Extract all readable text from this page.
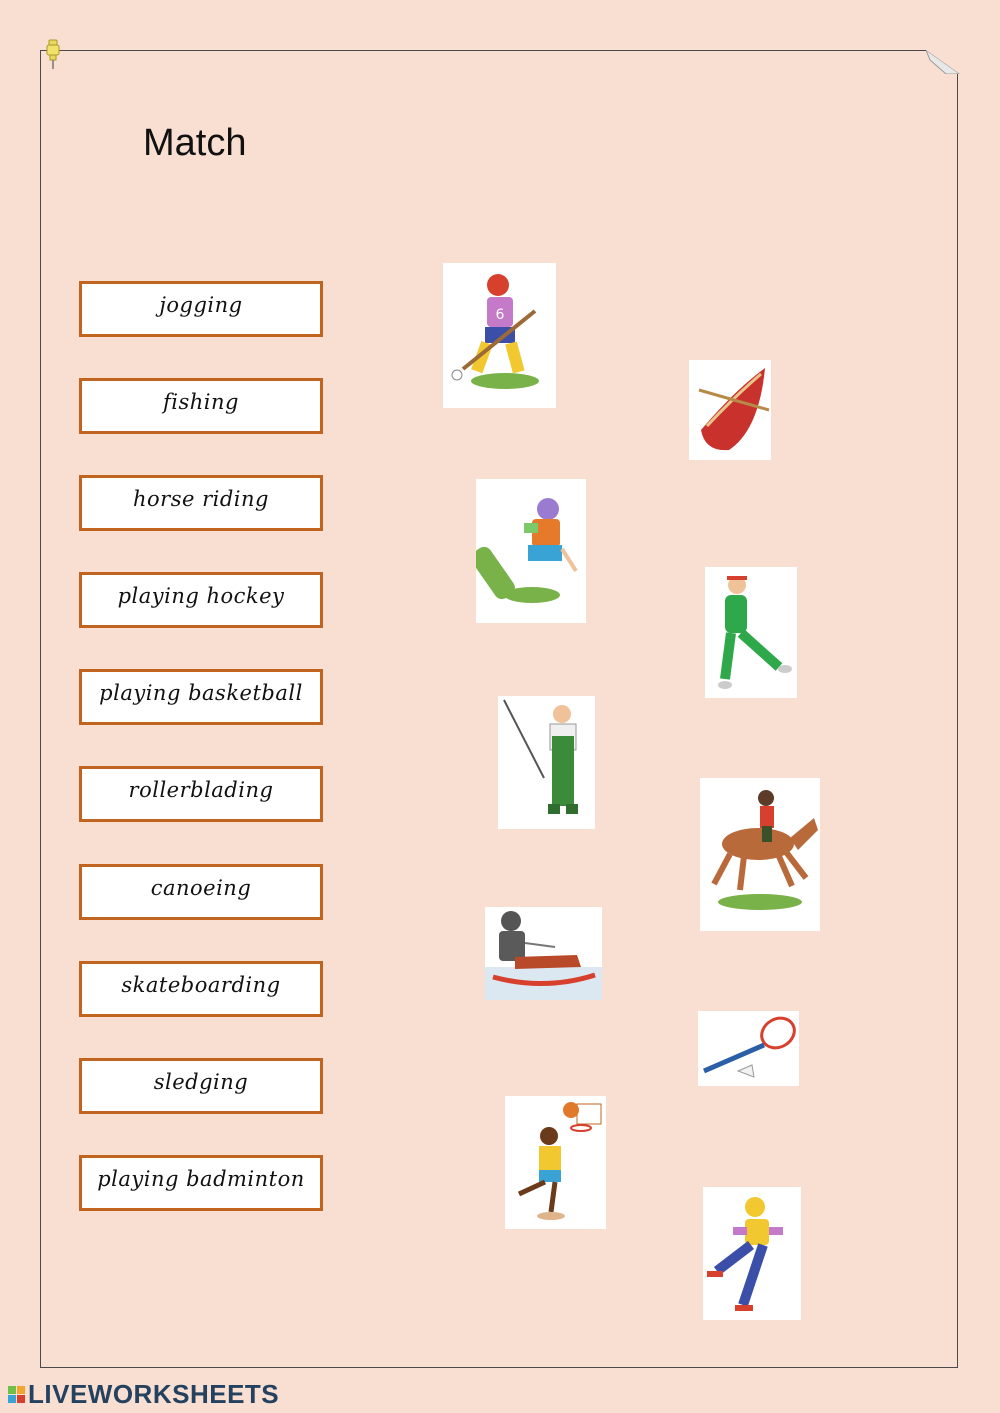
Match
jogging
fishing
horse riding
playing hockey
playing basketball
rollerblading
canoeing
skateboarding
sledging
playing badminton
6
LIVEWORKSHEETS
